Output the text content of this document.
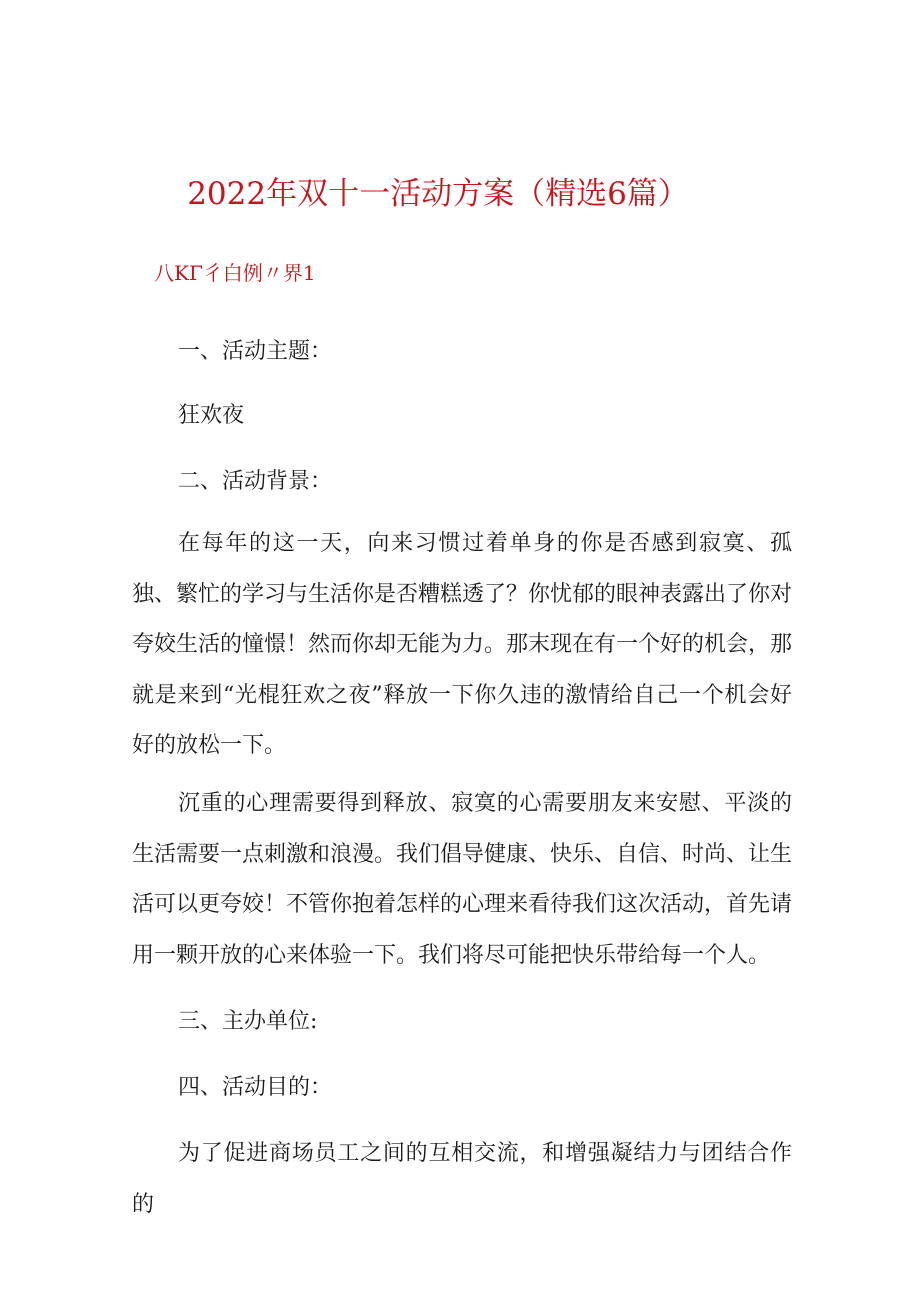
2022年双十一活动方案（精选6篇）
八KΓ彳白例〃界1
一、活动主题：
狂欢夜
二、活动背景：
在每年的这一天，向来习惯过着单身的你是否感到寂寞、孤独、繁忙的学习与生活你是否糟糕透了？你忧郁的眼神表露出了你对夸姣生活的憧憬！然而你却无能为力。那末现在有一个好的机会，那就是来到“光棍狂欢之夜”释放一下你久违的激情给自己一个机会好好的放松一下。
沉重的心理需要得到释放、寂寞的心需要朋友来安慰、平淡的生活需要一点刺激和浪漫。我们倡导健康、快乐、自信、时尚、让生活可以更夸姣！不管你抱着怎样的心理来看待我们这次活动，首先请用一颗开放的心来体验一下。我们将尽可能把快乐带给每一个人。
三、主办单位:
四、活动目的：
为了促进商场员工之间的互相交流，和增强凝结力与团结合作的
